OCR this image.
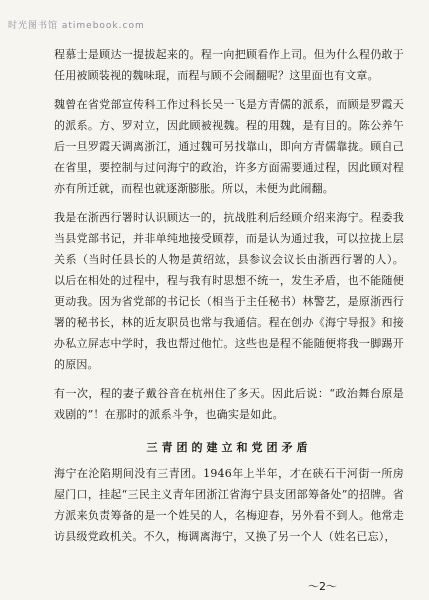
时光图书馆 atimebook.com

程慕士是顾达一提拔起来的。程一向把顾看作上司。但为什么程仍敢于任用被顾装视的魏味琨，而程与顾不会闹翻呢？这里面也有文章。

魏曾在省党部宣传科工作过科长吴一飞是方青儒的派系，而顾是罗霞天的派系。方、罗对立，因此顾被视魏。程的用魏，是有目的。陈公养午后一旦罗霞天调离浙江，通过魏可另找靠山，即向方青儒靠拢。顾自己在省里，要控制与过问海宁的政治，许多方面需要通过程，因此顾对程亦有所迁就，而程也就逐渐膨胀。所以，未便为此闹翻。

我是在浙西行署时认识顾达一的，抗战胜利后经顾介绍来海宁。程委我当县党部书记，并非单纯地接受顾荐，而是认为通过我，可以拉拢上层关系（当时任县长的人物是黄绍竑，县参议会议长由浙西行署的人）。以后在相处的过程中，程与我有时思想不统一，发生矛盾，也不能随便更动我。因为省党部的书记长（相当于主任秘书）林警艺，是原浙西行署的秘书长，林的近友职员也常与我通信。程在创办《海宁导报》和接办私立屏志中学时，我也帮过他忙。这些也是程不能随便将我一脚踢开的原因。

有一次，程的妻子戴谷音在杭州住了多天。因此后说：“政治舞台原是戏剧的”！在那时的派系斗争，也确实是如此。

三青团的建立和党团矛盾

海宁在沦陷期间没有三青团。1946年上半年，才在硖石干河街一所房屋门口，挂起“三民主义青年团浙江省海宁县支团部筹备处”的招牌。省方派来负责筹备的是一个姓吴的人，名梅迎春，另外看不到人。他常走访县级党政机关。不久，梅调离海宁，又换了另一个人（姓名已忘），

～2～
